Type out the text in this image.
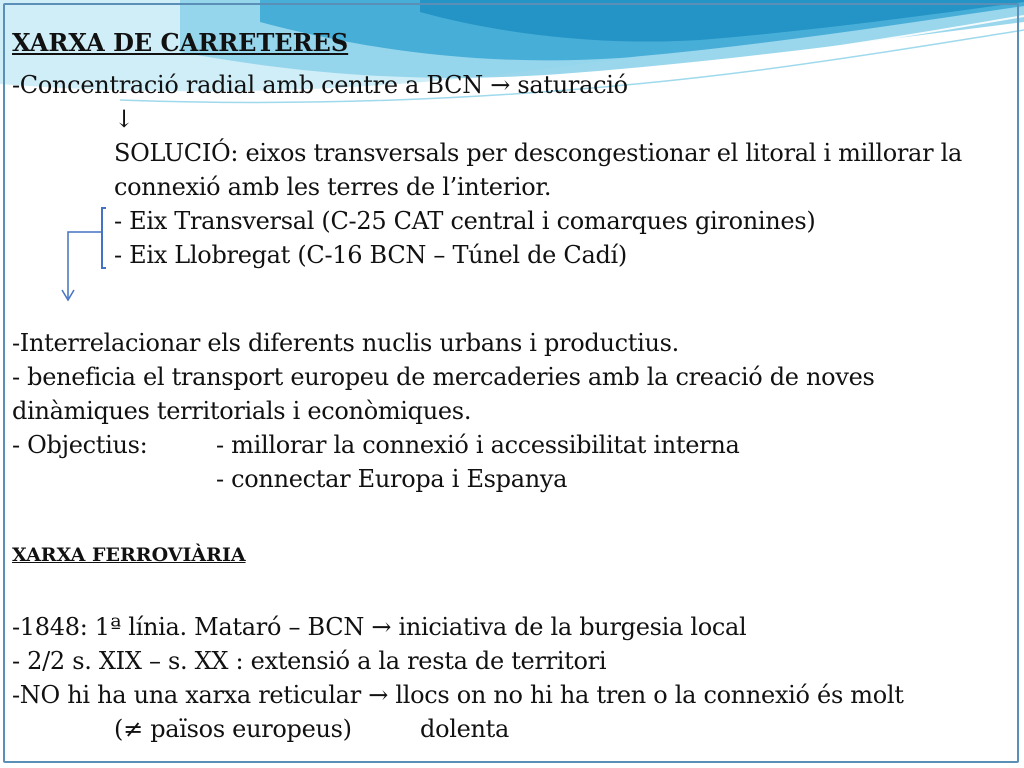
XARXA DE CARRETERES

-Concentració radial amb centre a BCN → saturació

↓

SOLUCIÓ: eixos transversals per descongestionar el litoral i millorar la

connexió amb les terres de l’interior.

- Eix Transversal (C-25 CAT central i comarques gironines)

- Eix Llobregat (C-16 BCN – Túnel de Cadí)

-Interrelacionar els diferents nuclis urbans i productius.

- beneficia el transport europeu de mercaderies amb la creació de noves

dinàmiques territorials i econòmiques.

- Objectius:	- millorar la connexió i accessibilitat interna

- connectar Europa i Espanya

XARXA FERROVIÀRIA

-1848: 1ª línia. Mataró – BCN → iniciativa de la burgesia local

- 2/2 s. XIX – s. XX : extensió a la resta de territori

-NO hi ha una xarxa reticular → llocs on no hi ha tren o la connexió és molt

(≠ països europeus)	dolenta
